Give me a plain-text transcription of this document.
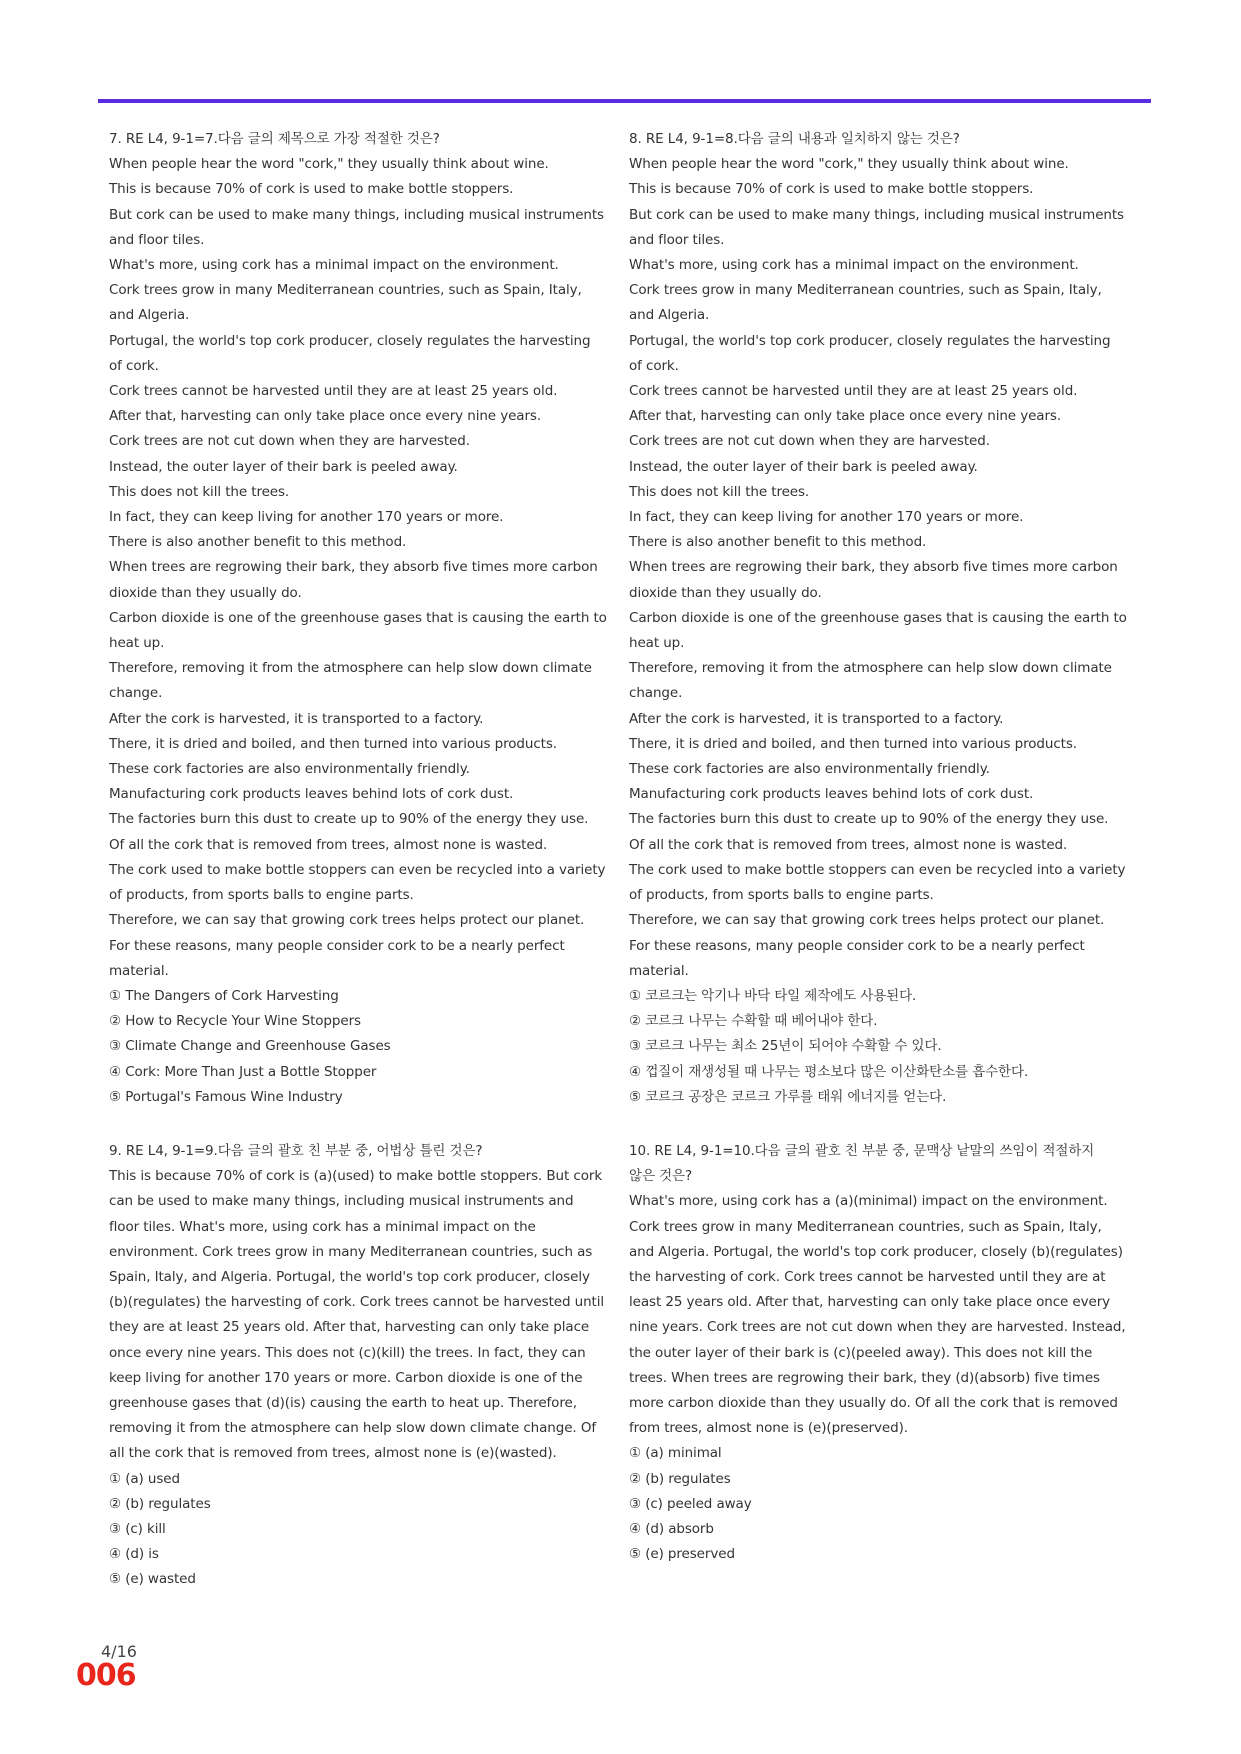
7. RE L4, 9-1=7.다음 글의 제목으로 가장 적절한 것은?

When people hear the word "cork," they usually think about wine.

This is because 70% of cork is used to make bottle stoppers.

But cork can be used to make many things, including musical instruments

and floor tiles.

What's more, using cork has a minimal impact on the environment.

Cork trees grow in many Mediterranean countries, such as Spain, Italy,

and Algeria.

Portugal, the world's top cork producer, closely regulates the harvesting

of cork.

Cork trees cannot be harvested until they are at least 25 years old.

After that, harvesting can only take place once every nine years.

Cork trees are not cut down when they are harvested.

Instead, the outer layer of their bark is peeled away.

This does not kill the trees.

In fact, they can keep living for another 170 years or more.

There is also another benefit to this method.

When trees are regrowing their bark, they absorb five times more carbon

dioxide than they usually do.

Carbon dioxide is one of the greenhouse gases that is causing the earth to

heat up.

Therefore, removing it from the atmosphere can help slow down climate

change.

After the cork is harvested, it is transported to a factory.

There, it is dried and boiled, and then turned into various products.

These cork factories are also environmentally friendly.

Manufacturing cork products leaves behind lots of cork dust.

The factories burn this dust to create up to 90% of the energy they use.

Of all the cork that is removed from trees, almost none is wasted.

The cork used to make bottle stoppers can even be recycled into a variety

of products, from sports balls to engine parts.

Therefore, we can say that growing cork trees helps protect our planet.

For these reasons, many people consider cork to be a nearly perfect

material.

① The Dangers of Cork Harvesting

② How to Recycle Your Wine Stoppers

③ Climate Change and Greenhouse Gases

④ Cork: More Than Just a Bottle Stopper

⑤ Portugal's Famous Wine Industry

8. RE L4, 9-1=8.다음 글의 내용과 일치하지 않는 것은?

When people hear the word "cork," they usually think about wine.

This is because 70% of cork is used to make bottle stoppers.

But cork can be used to make many things, including musical instruments

and floor tiles.

What's more, using cork has a minimal impact on the environment.

Cork trees grow in many Mediterranean countries, such as Spain, Italy,

and Algeria.

Portugal, the world's top cork producer, closely regulates the harvesting

of cork.

Cork trees cannot be harvested until they are at least 25 years old.

After that, harvesting can only take place once every nine years.

Cork trees are not cut down when they are harvested.

Instead, the outer layer of their bark is peeled away.

This does not kill the trees.

In fact, they can keep living for another 170 years or more.

There is also another benefit to this method.

When trees are regrowing their bark, they absorb five times more carbon

dioxide than they usually do.

Carbon dioxide is one of the greenhouse gases that is causing the earth to

heat up.

Therefore, removing it from the atmosphere can help slow down climate

change.

After the cork is harvested, it is transported to a factory.

There, it is dried and boiled, and then turned into various products.

These cork factories are also environmentally friendly.

Manufacturing cork products leaves behind lots of cork dust.

The factories burn this dust to create up to 90% of the energy they use.

Of all the cork that is removed from trees, almost none is wasted.

The cork used to make bottle stoppers can even be recycled into a variety

of products, from sports balls to engine parts.

Therefore, we can say that growing cork trees helps protect our planet.

For these reasons, many people consider cork to be a nearly perfect

material.

① 코르크는 악기나 바닥 타일 제작에도 사용된다.

② 코르크 나무는 수확할 때 베어내야 한다.

③ 코르크 나무는 최소 25년이 되어야 수확할 수 있다.

④ 껍질이 재생성될 때 나무는 평소보다 많은 이산화탄소를 흡수한다.

⑤ 코르크 공장은 코르크 가루를 태워 에너지를 얻는다.

9. RE L4, 9-1=9.다음 글의 괄호 친 부분 중, 어법상 틀린 것은?

This is because 70% of cork is (a)(used) to make bottle stoppers. But cork

can be used to make many things, including musical instruments and

floor tiles. What's more, using cork has a minimal impact on the

environment. Cork trees grow in many Mediterranean countries, such as

Spain, Italy, and Algeria. Portugal, the world's top cork producer, closely

(b)(regulates) the harvesting of cork. Cork trees cannot be harvested until

they are at least 25 years old. After that, harvesting can only take place

once every nine years. This does not (c)(kill) the trees. In fact, they can

keep living for another 170 years or more. Carbon dioxide is one of the

greenhouse gases that (d)(is) causing the earth to heat up. Therefore,

removing it from the atmosphere can help slow down climate change. Of

all the cork that is removed from trees, almost none is (e)(wasted).

① (a) used

② (b) regulates

③ (c) kill

④ (d) is

⑤ (e) wasted

10. RE L4, 9-1=10.다음 글의 괄호 친 부분 중, 문맥상 낱말의 쓰임이 적절하지

않은 것은?

What's more, using cork has a (a)(minimal) impact on the environment.

Cork trees grow in many Mediterranean countries, such as Spain, Italy,

and Algeria. Portugal, the world's top cork producer, closely (b)(regulates)

the harvesting of cork. Cork trees cannot be harvested until they are at

least 25 years old. After that, harvesting can only take place once every

nine years. Cork trees are not cut down when they are harvested. Instead,

the outer layer of their bark is (c)(peeled away). This does not kill the

trees. When trees are regrowing their bark, they (d)(absorb) five times

more carbon dioxide than they usually do. Of all the cork that is removed

from trees, almost none is (e)(preserved).

① (a) minimal

② (b) regulates

③ (c) peeled away

④ (d) absorb

⑤ (e) preserved

4/16
006
